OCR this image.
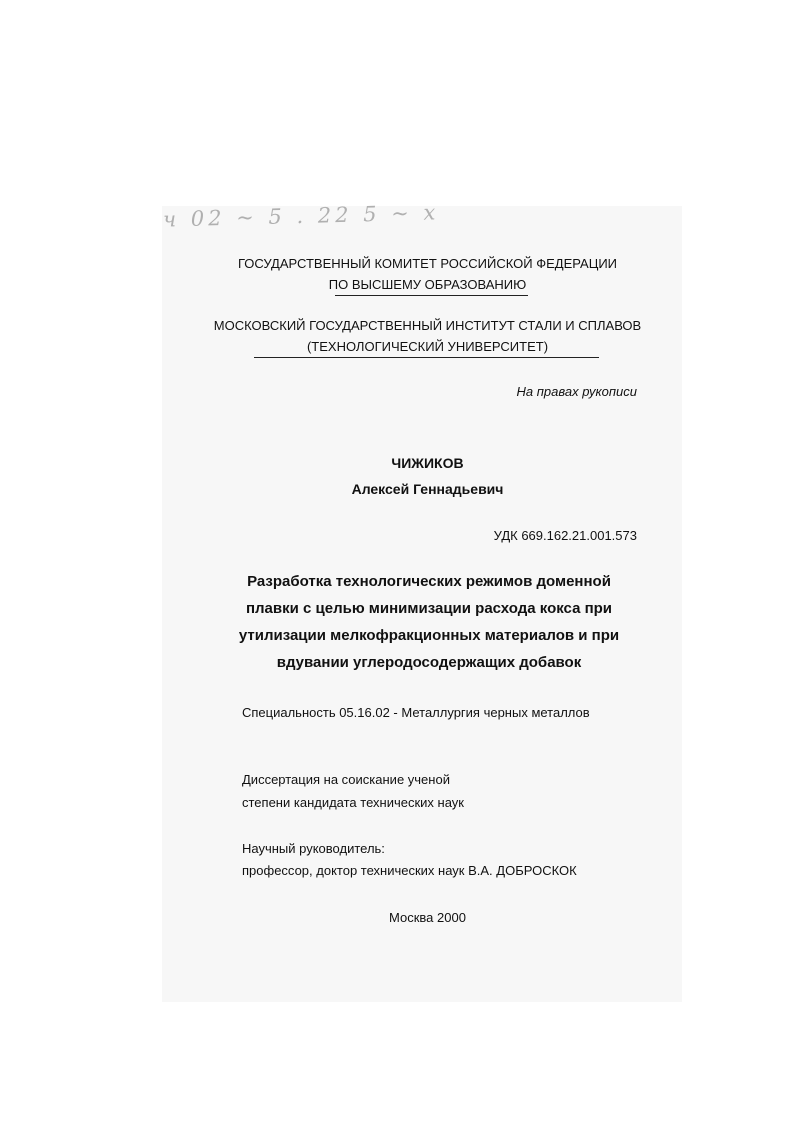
ч 02 ~ 5 . 22 5 ~ х
ГОСУДАРСТВЕННЫЙ КОМИТЕТ РОССИЙСКОЙ ФЕДЕРАЦИИ
ПО ВЫСШЕМУ ОБРАЗОВАНИЮ
МОСКОВСКИЙ ГОСУДАРСТВЕННЫЙ ИНСТИТУТ СТАЛИ И СПЛАВОВ
(ТЕХНОЛОГИЧЕСКИЙ УНИВЕРСИТЕТ)
На правах рукописи
ЧИЖИКОВ
Алексей Геннадьевич
УДК 669.162.21.001.573
Разработка технологических режимов доменной
плавки с целью минимизации расхода кокса при
утилизации мелкофракционных материалов и при
вдувании углеродосодержащих добавок
Специальность 05.16.02 - Металлургия черных металлов
Диссертация на соискание ученой
степени кандидата технических наук
Научный руководитель:
профессор, доктор технических наук В.А. ДОБРОСКОК
Москва 2000
